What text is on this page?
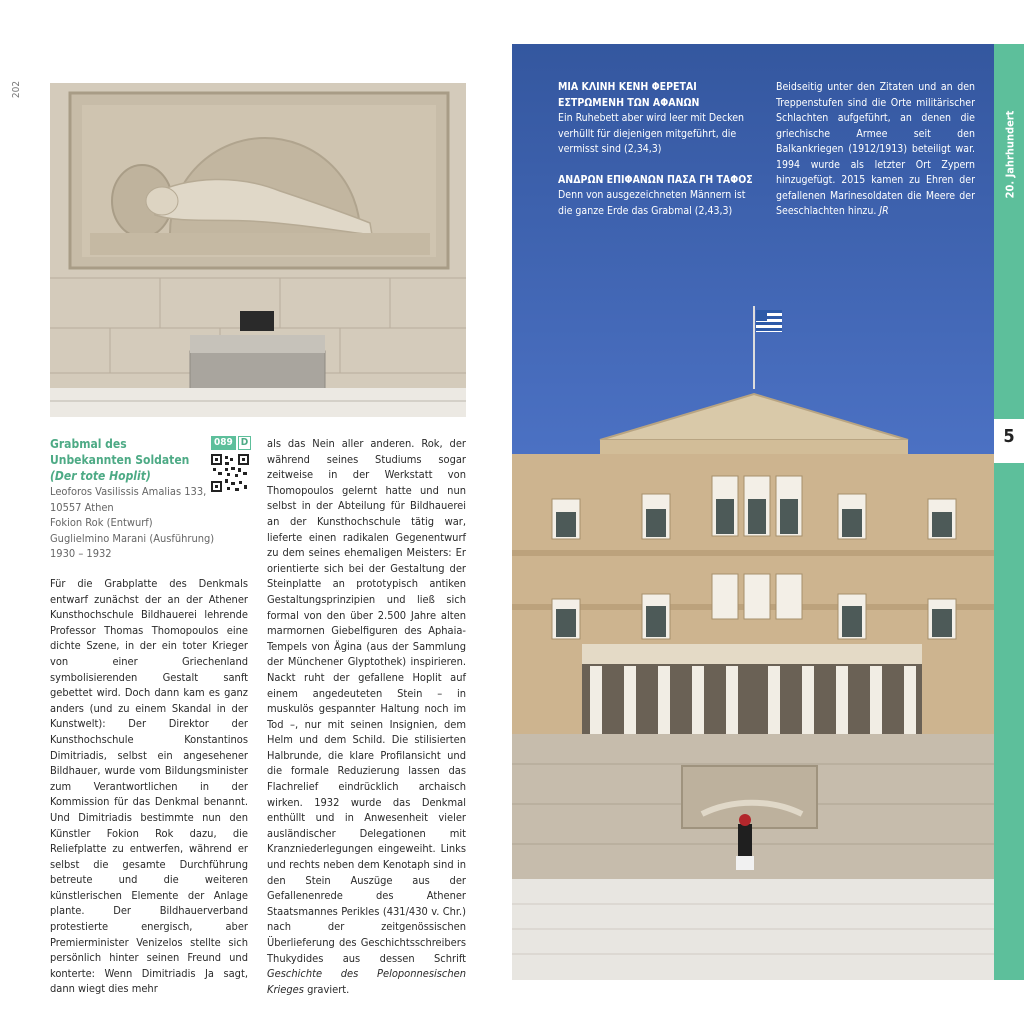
202	ΜΙΑ ΚΛΙΝΗ ΚΕΝΗ ΦΕΡΕΤΑΙ ΕΣΤΡΩΜΕΝΗ ΤΩΝ ΑΦΑΝΩΝ
Ein Ruhebett aber wird leer mit Decken verhüllt für diejenigen mitgeführt, die vermisst sind (2,34,3)
ΑΝΔΡΩΝ ΕΠΙΦΑΝΩΝ ΠΑΣΑ ΓΗ ΤΑΦΟΣ
Denn von ausgezeichneten Männern ist die ganze Erde das Grabmal (2,43,3)
Beidseitig unter den Zitaten und an den Treppenstufen sind die Orte militärischer Schlachten aufgeführt, an denen die griechische Armee seit den Balkankriegen (1912/1913) beteiligt war. 1994 wurde als letzter Ort Zypern hinzugefügt. 2015 kamen zu Ehren der gefallenen Marinesoldaten die Meere der Seeschlachten hinzu. JR
5
20. Jahrhundert
Grabmal des
Unbekannten Soldaten
(Der tote Hoplit)
089 D
Leoforos Vasilissis Amalias 133,
10557 Athen
Fokion Rok (Entwurf)
Guglielmino Marani (Ausführung)
1930 – 1932
Für die Grabplatte des Denkmals entwarf zunächst der an der Athener Kunsthochschule Bildhauerei lehrende Professor Thomas Thomopoulos eine dichte Szene, in der ein toter Krieger von einer Griechenland symbolisierenden Gestalt sanft gebettet wird. Doch dann kam es ganz anders (und zu einem Skandal in der Kunstwelt): Der Direktor der Kunsthochschule Konstantinos Dimitriadis, selbst ein angesehener Bildhauer, wurde vom Bildungsminister zum Verantwortlichen in der Kommission für das Denkmal benannt. Und Dimitriadis bestimmte nun den Künstler Fokion Rok dazu, die Reliefplatte zu entwerfen, während er selbst die gesamte Durchführung betreute und die weiteren künstlerischen Elemente der Anlage plante. Der Bildhauerverband protestierte energisch, aber Premierminister Venizelos stellte sich persönlich hinter seinen Freund und konterte: Wenn Dimitriadis Ja sagt, dann wiegt dies mehr
als das Nein aller anderen. Rok, der während seines Studiums sogar zeitweise in der Werkstatt von Thomopoulos gelernt hatte und nun selbst in der Abteilung für Bildhauerei an der Kunsthochschule tätig war, lieferte einen radikalen Gegenentwurf zu dem seines ehemaligen Meisters: Er orientierte sich bei der Gestaltung der Steinplatte an prototypisch antiken Gestaltungsprinzipien und ließ sich formal von den über 2.500 Jahre alten marmornen Giebelfiguren des Aphaia-Tempels von Ägina (aus der Sammlung der Münchener Glyptothek) inspirieren. Nackt ruht der gefallene Hoplit auf einem angedeuteten Stein – in muskulös gespannter Haltung noch im Tod –, nur mit seinen Insignien, dem Helm und dem Schild. Die stilisierten Halbrunde, die klare Profilansicht und die formale Reduzierung lassen das Flachrelief eindrücklich archaisch wirken. 1932 wurde das Denkmal enthüllt und in Anwesenheit vieler ausländischer Delegationen mit Kranzniederlegungen eingeweiht. Links und rechts neben dem Kenotaph sind in den Stein Auszüge aus der Gefallenenrede des Athener Staatsmannes Perikles (431/430 v. Chr.) nach der zeitgenössischen Überlieferung des Geschichtsschreibers Thukydides aus dessen Schrift Geschichte des Peloponnesischen Krieges graviert.
